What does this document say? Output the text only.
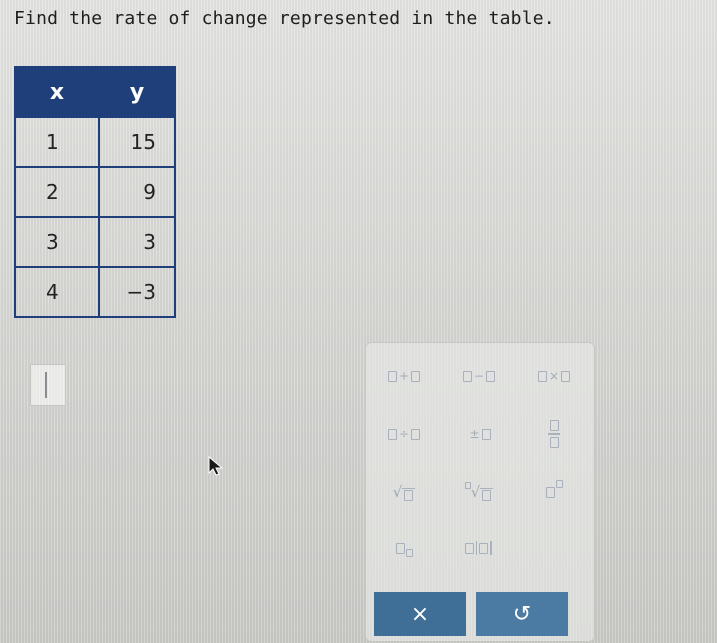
Find the rate of change represented in the table.
x	y
1	15
2	9
3	3
4	−3
+	−	×
÷	±
√	√
×	↺
